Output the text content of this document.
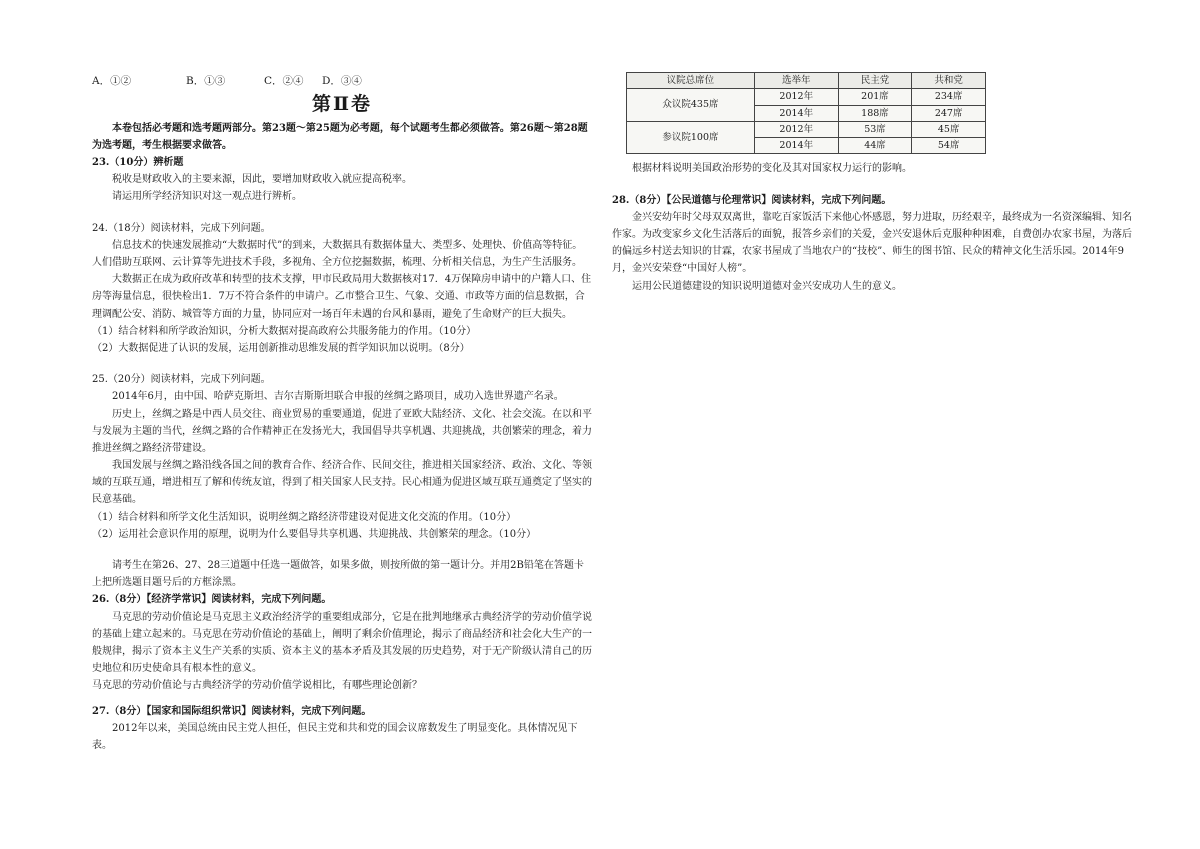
A．①②	B．①③	C．②④	D．③④
第Ⅱ卷

本卷包括必考题和选考题两部分。第23题～第25题为必考题，每个试题考生都必须做答。第26题～第28题为选考题，考生根据要求做答。

23.（10分）辨析题

税收是财政收入的主要来源，因此，要增加财政收入就应提高税率。

请运用所学经济知识对这一观点进行辨析。

24.（18分）阅读材料，完成下列问题。

信息技术的快速发展推动“大数据时代”的到来，大数据具有数据体量大、类型多、处理快、价值高等特征。人们借助互联网、云计算等先进技术手段，多视角、全方位挖掘数据，梳理、分析相关信息，为生产生活服务。

大数据正在成为政府改革和转型的技术支撑，甲市民政局用大数据核对17．4万保障房申请中的户籍人口、住房等海量信息，很快检出1．7万不符合条件的申请户。乙市整合卫生、气象、交通、市政等方面的信息数据，合理调配公安、消防、城管等方面的力量，协同应对一场百年未遇的台风和暴雨，避免了生命财产的巨大损失。

（1）结合材料和所学政治知识，分析大数据对提高政府公共服务能力的作用。（10分）

（2）大数据促进了认识的发展，运用创新推动思维发展的哲学知识加以说明。（8分）

25.（20分）阅读材料，完成下列问题。

2014年6月，由中国、哈萨克斯坦、吉尔吉斯斯坦联合申报的丝绸之路项目，成功入选世界遗产名录。

历史上，丝绸之路是中西人员交往、商业贸易的重要通道，促进了亚欧大陆经济、文化、社会交流。在以和平与发展为主题的当代，丝绸之路的合作精神正在发扬光大，我国倡导共享机遇、共迎挑战，共创繁荣的理念，着力推进丝绸之路经济带建设。

我国发展与丝绸之路沿线各国之间的教育合作、经济合作、民间交往，推进相关国家经济、政治、文化、等领域的互联互通，增进相互了解和传统友谊，得到了相关国家人民支持。民心相通为促进区域互联互通奠定了坚实的民意基础。

（1）结合材料和所学文化生活知识，说明丝绸之路经济带建设对促进文化交流的作用。（10分）

（2）运用社会意识作用的原理，说明为什么要倡导共享机遇、共迎挑战、共创繁荣的理念。（10分）

请考生在第26、27、28三道题中任选一题做答，如果多做，则按所做的第一题计分。并用2B铅笔在答题卡上把所选题目题号后的方框涂黑。

26.（8分）【经济学常识】阅读材料，完成下列问题。

马克思的劳动价值论是马克思主义政治经济学的重要组成部分，它是在批判地继承古典经济学的劳动价值学说的基础上建立起来的。马克思在劳动价值论的基础上，阐明了剩余价值理论，揭示了商品经济和社会化大生产的一般规律，揭示了资本主义生产关系的实质、资本主义的基本矛盾及其发展的历史趋势，对于无产阶级认清自己的历史地位和历史使命具有根本性的意义。

马克思的劳动价值论与古典经济学的劳动价值学说相比，有哪些理论创新？

27.（8分）【国家和国际组织常识】阅读材料，完成下列问题。

2012年以来，美国总统由民主党人担任，但民主党和共和党的国会议席数发生了明显变化。具体情况见下表。

议院总席位	选举年	民主党	共和党
众议院435席	2012年	201席	234席
	2014年	188席	247席
参议院100席	2012年	53席	45席
	2014年	44席	54席

根据材料说明美国政治形势的变化及其对国家权力运行的影响。

28.（8分）【公民道德与伦理常识】阅读材料，完成下列问题。

金兴安幼年时父母双双离世，靠吃百家饭活下来他心怀感恩，努力进取，历经艰辛，最终成为一名资深编辑、知名作家。为改变家乡文化生活落后的面貌，报答乡亲们的关爱，金兴安退休后克服种种困难，自费创办农家书屋，为落后的偏远乡村送去知识的甘霖，农家书屋成了当地农户的“技校”、师生的图书馆、民众的精神文化生活乐园。2014年9月，金兴安荣登“中国好人榜”。

运用公民道德建设的知识说明道德对金兴安成功人生的意义。
